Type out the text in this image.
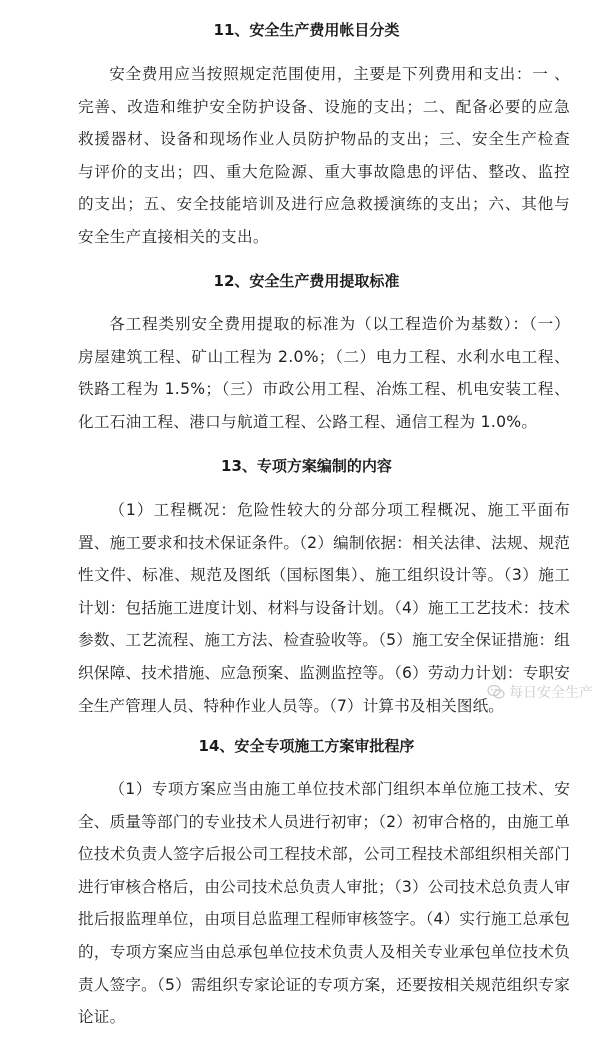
11、安全生产费用帐目分类

安全费用应当按照规定范围使用，主要是下列费用和支出：一 、完善、改造和维护安全防护设备、设施的支出；二、配备必要的应急救援器材、设备和现场作业人员防护物品的支出；三、安全生产检查与评价的支出；四、重大危险源、重大事故隐患的评估、整改、监控的支出；五、安全技能培训及进行应急救援演练的支出；六、其他与安全生产直接相关的支出。

12、安全生产费用提取标准

各工程类别安全费用提取的标准为（以工程造价为基数）：（一）房屋建筑工程、矿山工程为 2.0%；（二）电力工程、水利水电工程、铁路工程为 1.5%；（三）市政公用工程、冶炼工程、机电安装工程、化工石油工程、港口与航道工程、公路工程、通信工程为 1.0%。

13、专项方案编制的内容

（1）工程概况：危险性较大的分部分项工程概况、施工平面布置、施工要求和技术保证条件。（2）编制依据：相关法律、法规、规范性文件、标准、规范及图纸（国标图集）、施工组织设计等。（3）施工计划：包括施工进度计划、材料与设备计划。（4）施工工艺技术：技术参数、工艺流程、施工方法、检查验收等。（5）施工安全保证措施：组织保障、技术措施、应急预案、监测监控等。（6）劳动力计划：专职安全生产管理人员、特种作业人员等。（7）计算书及相关图纸。

14、安全专项施工方案审批程序

（1）专项方案应当由施工单位技术部门组织本单位施工技术、安全、质量等部门的专业技术人员进行初审；（2）初审合格的，由施工单位技术负责人签字后报公司工程技术部，公司工程技术部组织相关部门进行审核合格后，由公司技术总负责人审批；（3）公司技术总负责人审批后报监理单位，由项目总监理工程师审核签字。（4）实行施工总承包的，专项方案应当由总承包单位技术负责人及相关专业承包单位技术负责人签字。（5）需组织专家论证的专项方案，还要按相关规范组织专家论证。

每日安全生产
